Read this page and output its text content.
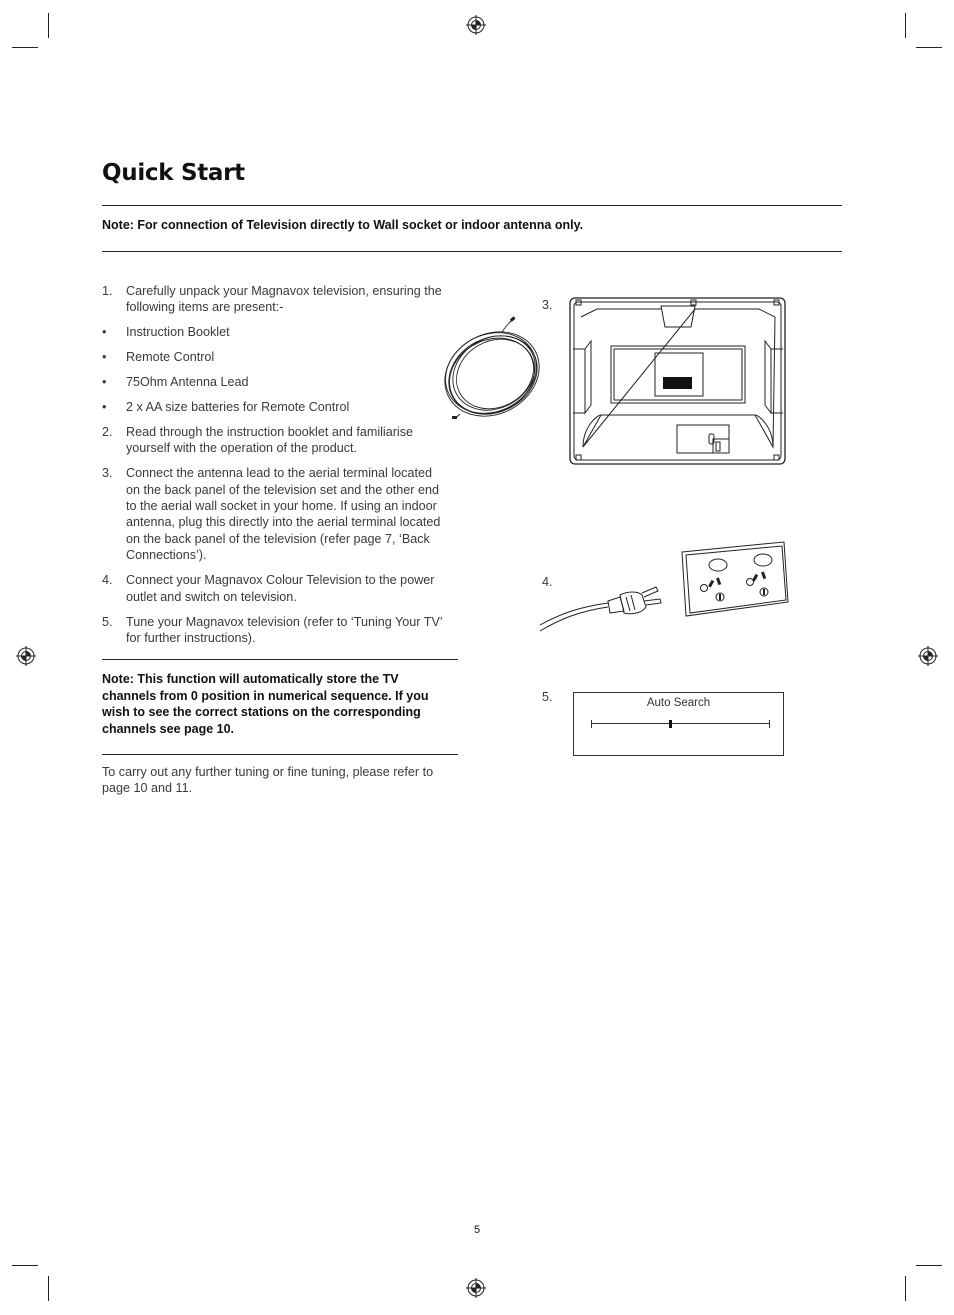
Quick Start
Note: For connection of Television directly to Wall socket or indoor antenna only.
1.	Carefully unpack your Magnavox television, ensuring the following items are present:-
•	Instruction Booklet
•	Remote Control
•	75Ohm Antenna Lead
•	2 x AA size batteries for Remote Control
2.	Read through the instruction booklet and familiarise yourself with the operation of the product.
3.	Connect the antenna lead to the aerial terminal located on the back panel of the television set and the other end to the aerial wall socket in your home. If using an indoor antenna, plug this directly into the aerial terminal located on the back panel of the television (refer page 7, ‘Back Connections’).
4.	Connect your Magnavox Colour Television to the power outlet and switch on television.
5.	Tune your Magnavox television (refer to ‘Tuning Your TV’ for further instructions).
Note: This function will automatically store the TV channels from 0 position in numerical sequence. If you wish to see the correct stations on the corresponding channels see page 10.
To carry out any further tuning or fine tuning, please refer to page 10 and 11.
3.
4.
5.	Auto Search
5
